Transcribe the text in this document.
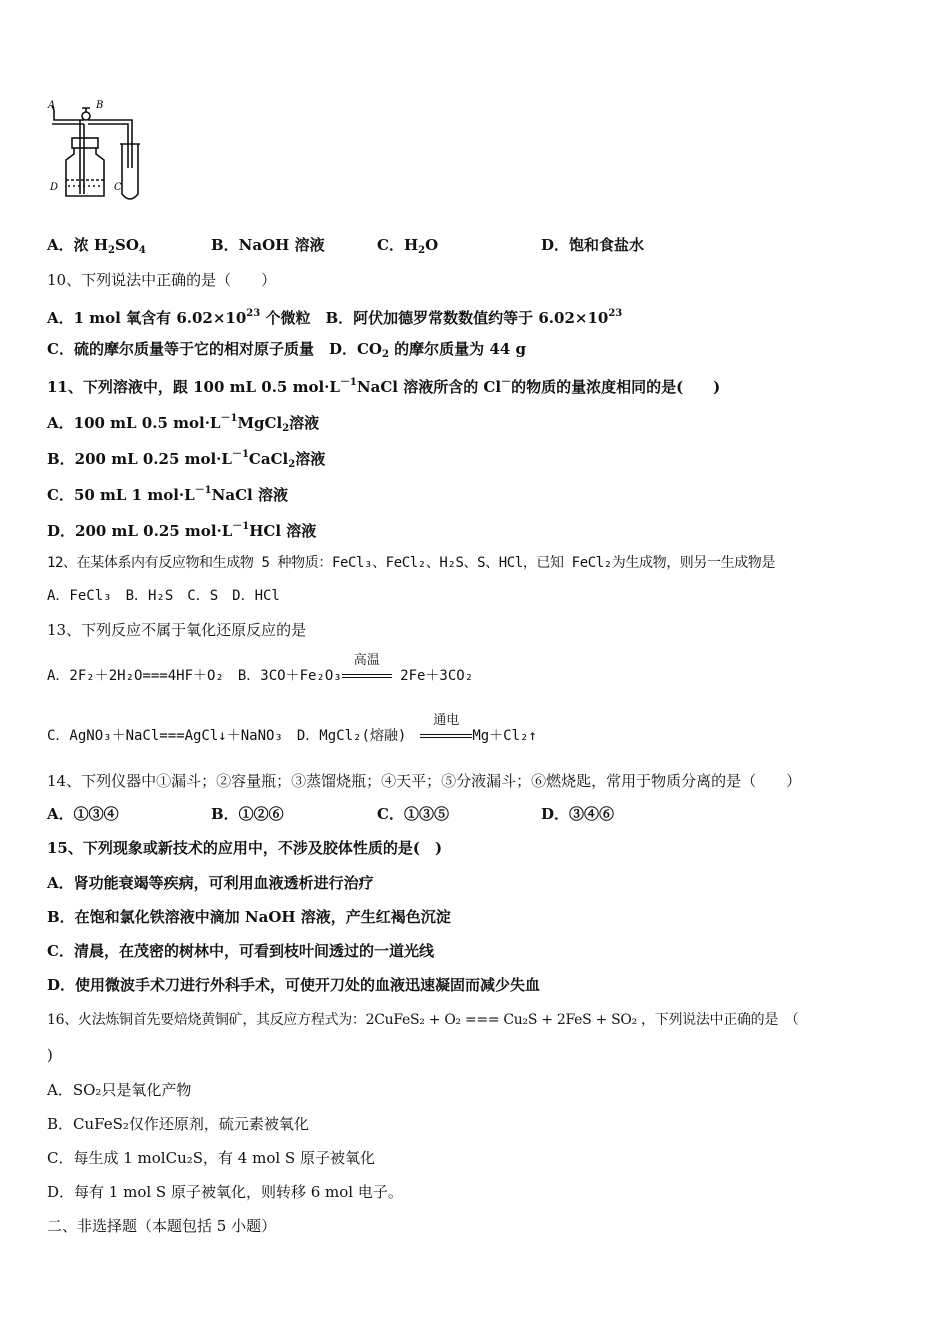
A	B
C
D
A．浓 $H_2SO_4$	B．NaOH 溶液	C．$H_2O$	D．饱和食盐水
10、下列说法中正确的是（　　）
A．1 mol 氧含有 $6.02\times 10^{23}$ 个微粒　B．阿伏加德罗常数数值约等于 $6.02\times 10^{23}$
C．硫的摩尔质量等于它的相对原子质量　D．$CO_2$ 的摩尔质量为 44 g
11、下列溶液中，跟 100 mL 0.5 $mol\cdot L^{-1}NaCl$ 溶液所含的 Cl－的物质的量浓度相同的是(　　)
A．100 mL 0.5 $mol\cdot L^{-1}MgCl_2$溶液
B．200 mL 0.25 $mol\cdot L^{-1}CaCl_2$溶液
C．50 mL 1 $mol\cdot L^{-1}NaCl$ 溶液
D．200 mL 0.25 $mol\cdot L^{-1}HCl$ 溶液
12、在某体系内有反应物和生成物 5 种物质：FeCl₃、FeCl₂、H₂S、S、HCl，已知 FeCl₂为生成物，则另一生成物是
A．FeCl₃　B．H₂S　C．S　D．HCl
13、下列反应不属于氧化还原反应的是
A．2F₂＋2H₂O===4HF＋O₂　B．3CO＋Fe₂O₃
高温
2Fe＋3CO₂
C．AgNO₃＋NaCl===AgCl↓＋NaNO₃　D．MgCl₂(熔融)　
通电
Mg＋Cl₂↑
14、下列仪器中①漏斗；②容量瓶；③蒸馏烧瓶；④天平；⑤分液漏斗；⑥燃烧匙，常用于物质分离的是（　　）
A．①③④	B．①②⑥	C．①③⑤	D．③④⑥
15、下列现象或新技术的应用中，不涉及胶体性质的是(　)
A．肾功能衰竭等疾病，可利用血液透析进行治疗
B．在饱和氯化铁溶液中滴加 NaOH 溶液，产生红褐色沉淀
C．清晨，在茂密的树林中，可看到枝叶间透过的一道光线
D．使用微波手术刀进行外科手术，可使开刀处的血液迅速凝固而减少失血
16、火法炼铜首先要焙烧黄铜矿，其反应方程式为：2CuFeS₂ + O₂ === Cu₂S + 2FeS + SO₂ ，下列说法中正确的是　（
)
A．SO₂只是氧化产物
B．CuFeS₂仅作还原剂，硫元素被氧化
C．每生成 1 molCu₂S，有 4 mol S 原子被氧化
D．每有 1 mol S 原子被氧化，则转移 6 mol 电子。
二、非选择题（本题包括 5 小题）
